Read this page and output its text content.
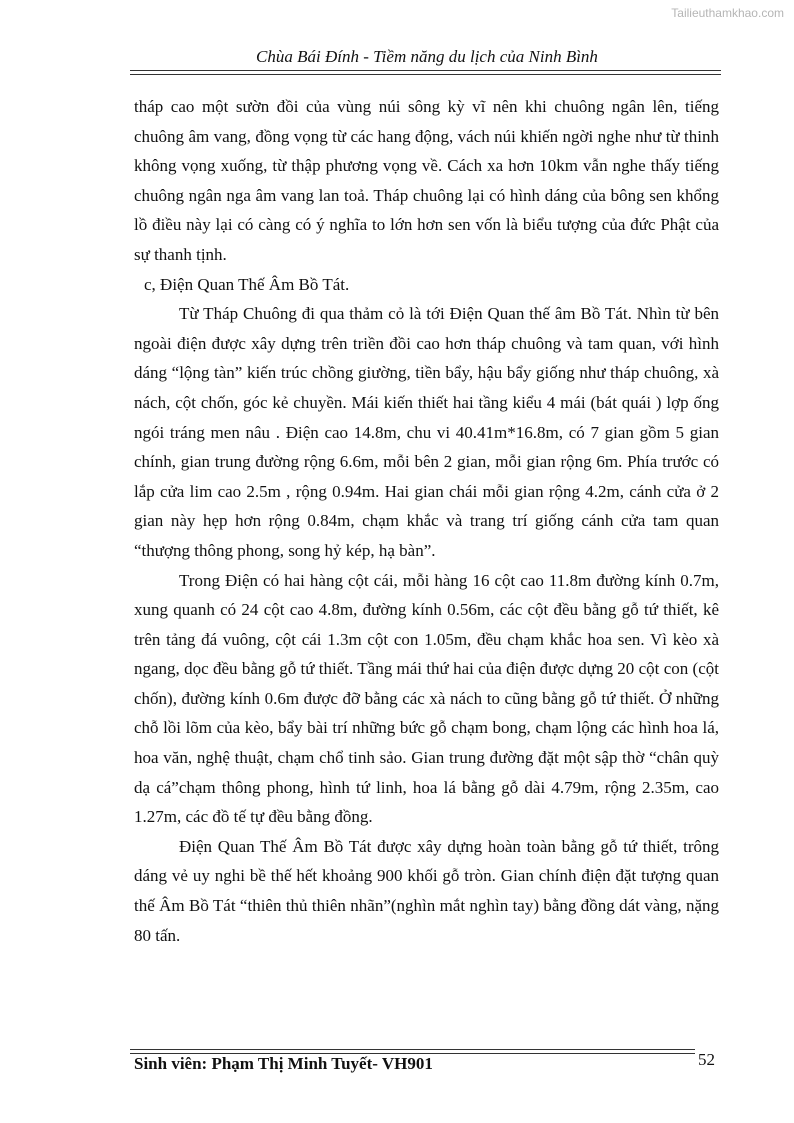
Tailieuthamkhao.com
Chùa Bái Đính - Tiềm năng du lịch của Ninh Bình

tháp cao một sườn đồi của vùng núi sông kỳ vĩ nên khi chuông ngân lên, tiếng chuông âm vang, đồng vọng từ các hang động, vách núi khiến ngời nghe như từ thinh không vọng xuống, từ thập phương vọng về. Cách xa hơn 10km vẫn nghe thấy tiếng chuông ngân nga âm vang lan toả. Tháp chuông lại có hình dáng của bông sen khổng lồ điều này lại có càng có ý nghĩa to lớn hơn sen vốn là biểu tượng của đức Phật của sự thanh tịnh.

c, Điện Quan Thế Âm Bồ Tát.

Từ Tháp Chuông đi qua thảm cỏ là tới Điện Quan thế âm Bồ Tát. Nhìn từ bên ngoài điện được xây dựng trên triền đồi cao hơn tháp chuông và tam quan, với hình dáng “lộng tàn” kiến trúc chồng giường, tiền bẩy, hậu bẩy giống như tháp chuông, xà nách, cột chốn, góc kẻ chuyền. Mái kiến thiết hai tầng kiểu 4 mái (bát quái ) lợp ống ngói tráng men nâu . Điện cao 14.8m, chu vi 40.41m*16.8m, có 7 gian gồm 5 gian chính, gian trung đường rộng 6.6m, mỗi bên 2 gian, mỗi gian rộng 6m. Phía trước có lắp cửa lim cao 2.5m , rộng 0.94m. Hai gian chái mỗi gian rộng 4.2m, cánh cửa ở 2 gian này hẹp hơn rộng 0.84m, chạm khắc và trang trí giống cánh cửa tam quan “thượng thông phong, song hỷ kép, hạ bàn”.

Trong Điện có hai hàng cột cái, mỗi hàng 16 cột cao 11.8m đường kính 0.7m, xung quanh có 24 cột cao 4.8m, đường kính 0.56m, các cột đều bằng gỗ tứ thiết, kê trên tảng đá vuông, cột cái 1.3m cột con 1.05m, đều chạm khắc hoa sen. Vì kèo xà ngang, dọc đều bằng gỗ tứ thiết. Tầng mái thứ hai của điện được dựng 20 cột con (cột chốn), đường kính 0.6m được đỡ bằng các xà nách to cũng bằng gỗ tứ thiết. Ở những chỗ lồi lõm của kèo, bẩy bài trí những bức gỗ chạm bong, chạm lộng các hình hoa lá, hoa văn, nghệ thuật, chạm chổ tinh sảo. Gian trung đường đặt một sập thờ “chân quỳ dạ cá”chạm thông phong, hình tứ linh, hoa lá bằng gỗ dài 4.79m, rộng 2.35m, cao 1.27m, các đồ tế tự đều bằng đồng.

Điện Quan Thế Âm Bồ Tát được xây dựng hoàn toàn bằng gỗ tứ thiết, trông dáng vẻ uy nghi bề thế hết khoảng 900 khối gỗ tròn. Gian chính điện đặt tượng quan thế Âm Bồ Tát “thiên thủ thiên nhãn”(nghìn mắt nghìn tay) bằng đồng dát vàng, nặng 80 tấn.

Sinh viên: Phạm Thị Minh Tuyết- VH901	52
